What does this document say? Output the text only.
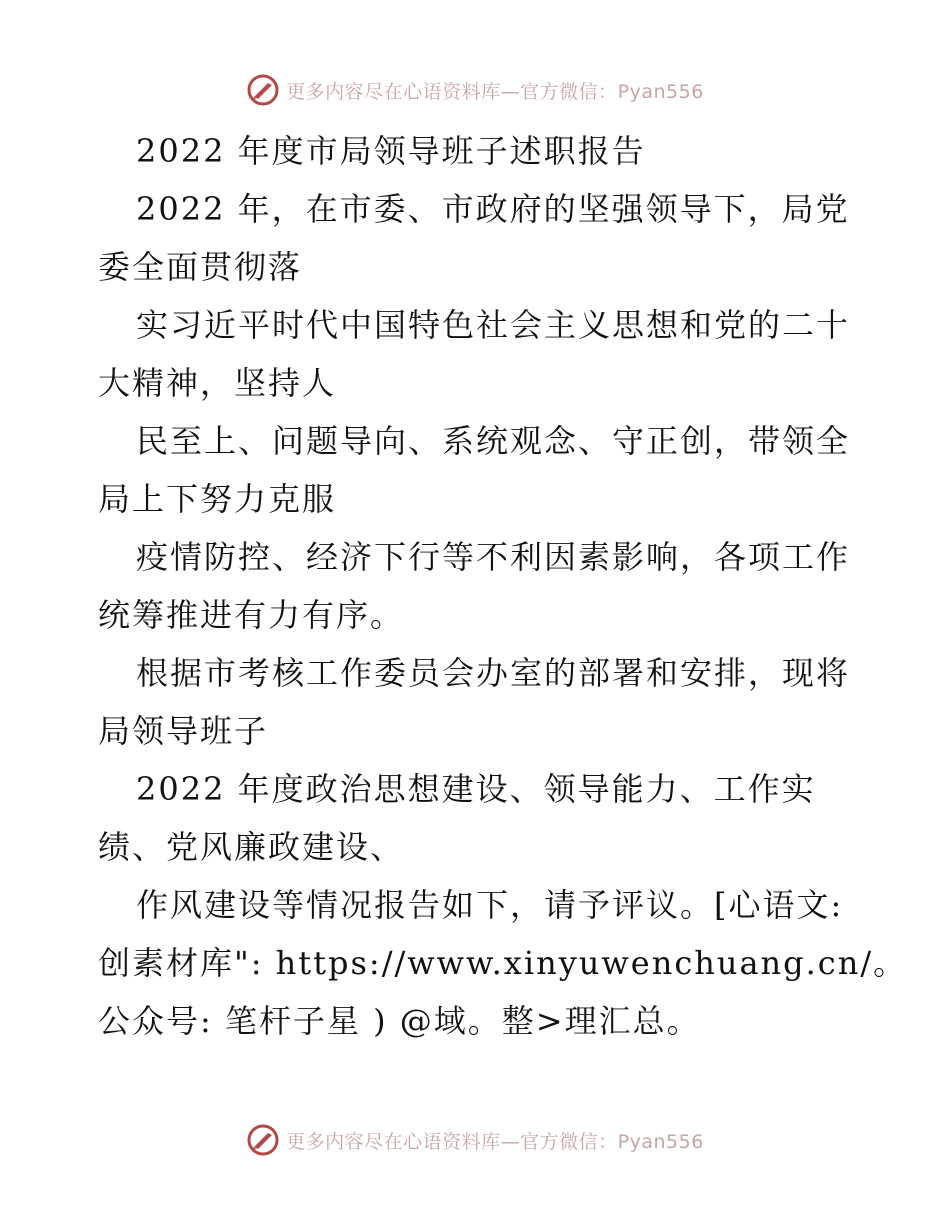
更多内容尽在心语资料库—官方微信：Pyan556
2022 年度市局领导班子述职报告
2022 年，在市委、市政府的坚强领导下，局党
委全面贯彻落
实习近平时代中国特色社会主义思想和党的二十
大精神，坚持人
民至上、问题导向、系统观念、守正创，带领全
局上下努力克服
疫情防控、经济下行等不利因素影响，各项工作
统筹推进有力有序。
根据市考核工作委员会办室的部署和安排，现将
局领导班子
2022 年度政治思想建设、领导能力、工作实
绩、党风廉政建设、
作风建设等情况报告如下，请予评议。[心语文:
创素材库": https://www.xinyuwenchuang.cn/。
公众号: 笔杆子星 ) @域。整>理汇总。
更多内容尽在心语资料库—官方微信：Pyan556
